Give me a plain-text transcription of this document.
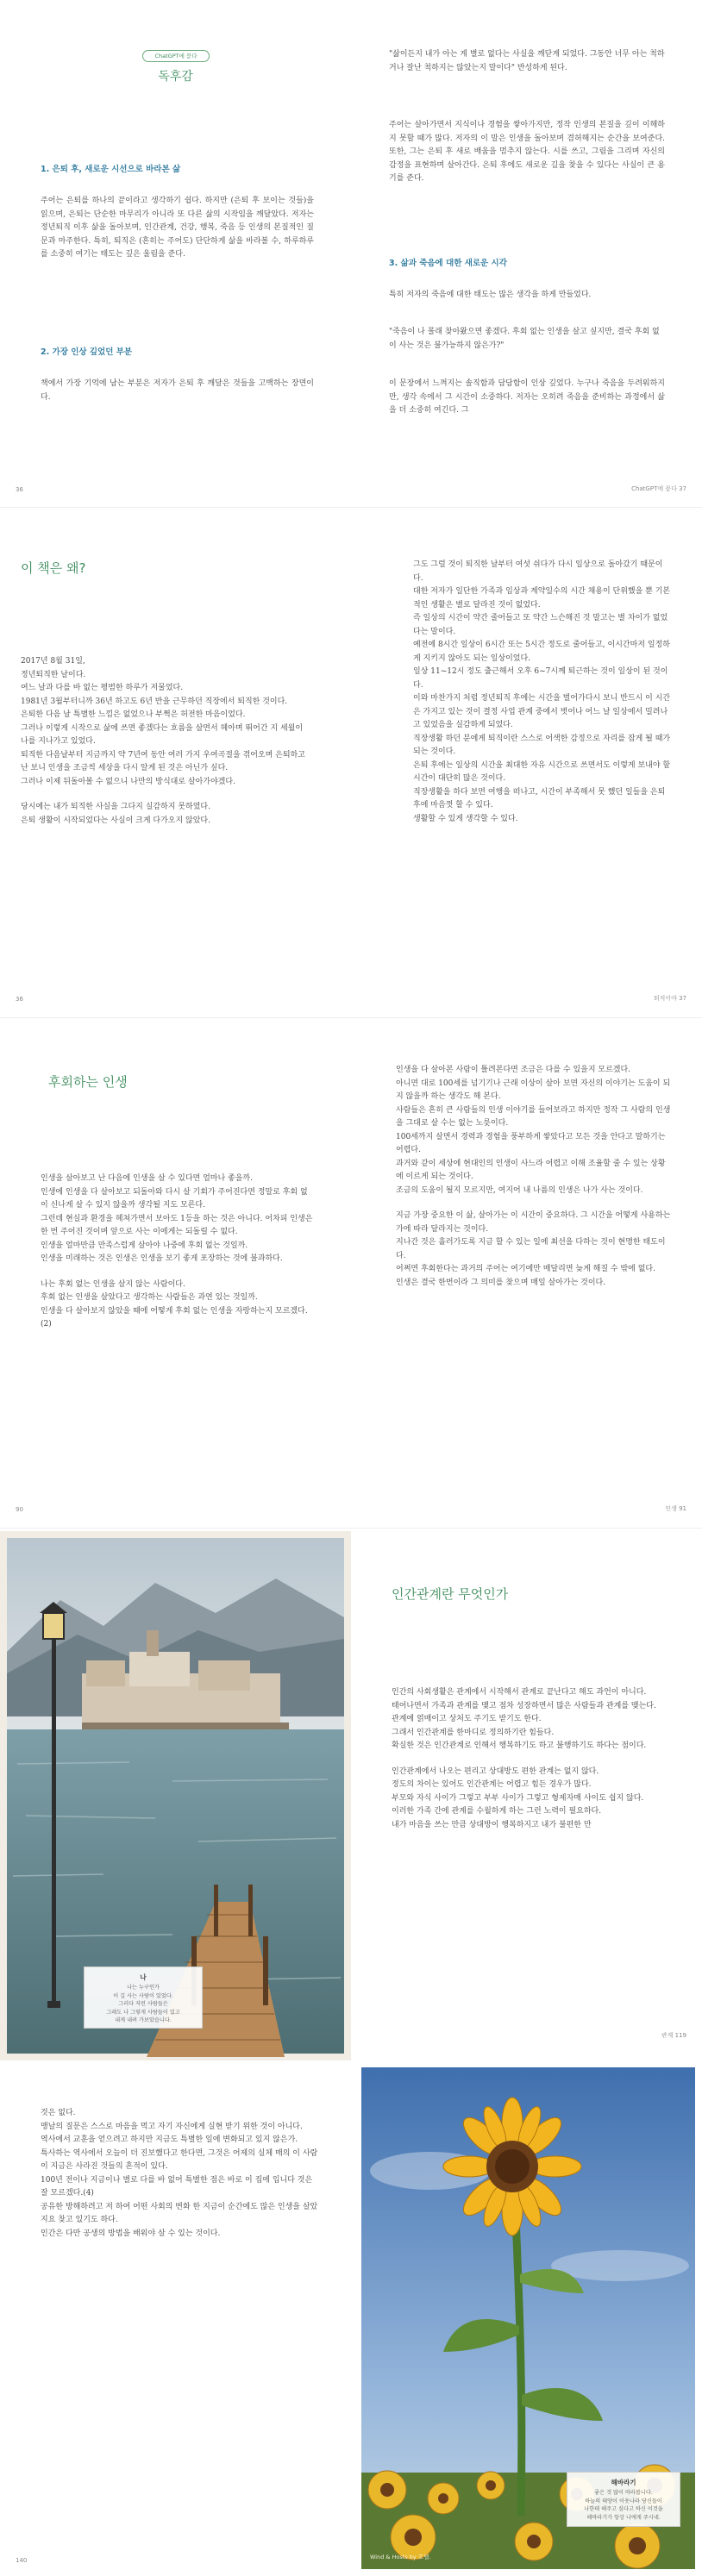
ChatGPT에 묻다
독후감
1. 은퇴 후, 새로운 시선으로 바라본 삶

주어는 은퇴를 하나의 끝이라고 생각하기 쉽다. 하지만 (은퇴 후 보이는 것들)을 읽으며, 은퇴는 단순한 마무리가 아니라 또 다른 삶의 시작임을 깨달았다. 저자는 정년퇴직 이후 삶을 돌아보며, 인간관계, 건강, 행복, 죽음 등 인생의 본질적인 질문과 마주한다. 특히, 퇴직은 (흔히는 주어도) 단단하게 삶을 바라볼 수, 하루하루를 소중히 여기는 태도는 깊은 울림을 준다.

2. 가장 인상 깊었던 부분

책에서 가장 기억에 남는 부분은 저자가 은퇴 후 깨달은 것들을 고백하는 장면이다.

36

"삶이든지 내가 아는 게 별로 없다는 사실을 깨닫게 되었다. 그동안 너무 아는 척하거나 잘난 척하지는 않았는지 말이다" 반성하게 된다.

주어는 살아가면서 지식이나 경험을 쌓아가지만, 정작 인생의 본질을 깊이 이해하지 못할 때가 많다. 저자의 이 말은 인생을 돌아보며 겸허해지는 순간을 보여준다. 또한, 그는 은퇴 후 새로 배움을 멈추지 않는다. 시를 쓰고, 그림을 그리며 자신의 감정을 표현하며 살아간다. 은퇴 후에도 새로운 길을 찾을 수 있다는 사실이 큰 용기를 준다.

3. 삶과 죽음에 대한 새로운 시각

특히 저자의 죽음에 대한 태도는 많은 생각을 하게 만들었다.

"죽음이 나 몰래 찾아왔으면 좋겠다. 후회 없는 인생을 살고 싶지만, 결국 후회 없이 사는 것은 불가능하지 않은가?"

이 문장에서 느껴지는 솔직함과 담담함이 인상 깊었다. 누구나 죽음을 두려워하지만, 생각 속에서 그 시간이 소중하다. 저자는 오히려 죽음을 준비하는 과정에서 삶을 더 소중히 여긴다. 그

ChatGPT에 묻다 37
이 책은 왜?

2017년 8월 31일,

정년퇴직한 날이다.

여느 날과 다를 바 없는 평범한 하루가 저물었다.

1981년 3월부터니까 36년 하고도 6년 반을 근무하던 직장에서 퇴직한 것이다.

은퇴한 다음 날 특별한 느낌은 없었으나 부쩍은 허전한 마음이었다.

그러나 이렇게 시작으로 삶에 쓰면 좋겠다는 흐름을 살면서 헤아며 뛰어간 지 세월이 나를 지나가고 있었다.

퇴직한 다음날부터 지금까지 약 7년여 동안 여러 가지 우여곡절을 겪어오며 은퇴하고 난 보니 인생을 조금씩 세상을 다시 알게 된 것은 아닌가 싶다.

그러나 이제 뒤돌아볼 수 없으니 나만의 방식대로 살아가야겠다.

당시에는 내가 퇴직한 사실을 그다지 실감하지 못하였다.

은퇴 생활이 시작되었다는 사실이 크게 다가오지 않았다.

36

그도 그럴 것이 퇴직한 날부터 여섯 쉬다가 다시 일상으로 돌아갔기 때문이다.

대한 저자가 일단한 가족과 임상과 계약일수의 시간 채용이 단위했을 뿐 기본적인 생활은 별로 달라진 것이 없었다.

즉 일상의 시간이 약간 줄어들고 또 약간 느슨해진 것 말고는 별 차이가 없었다는 말이다.

예전에 8시간 일상이 6시간 또는 5시간 정도로 줄어들고, 이시간마저 일정하게 지키지 않아도 되는 일상이었다.

일상 11~12시 정도 출근해서 오후 6~7시께 퇴근하는 것이 일상이 된 것이다.

이와 마찬가지 처럼 정년퇴직 후에는 시간을 벌어가다시 보니 반드시 이 시간은 가지고 있는 것이 결정 사업 관계 중에서 벗어나 어느 날 일상에서 밀려나고 있었음을 실감하게 되었다.

직장생활 하던 분에게 퇴직이란 스스로 어색한 감정으로 자리를 잡게 될 때가 되는 것이다.

은퇴 후에는 일상의 시간을 최대한 자유 시간으로 쓰면서도 이렇게 보내야 할 시간이 대단히 많은 것이다.

직장생활을 하다 보면 여행을 떠나고, 시간이 부족해서 못 했던 일들을 은퇴 후에 마음껏 할 수 있다.

생활할 수 있게 생각할 수 있다.

퇴직이야 37
후회하는 인생

인생을 살아보고 난 다음에 인생을 살 수 있다면 얼마나 좋을까.

인생에 인생을 다 살아보고 되돌아와 다시 살 기회가 주어진다면 정말로 후회 없이 신나게 살 수 있지 않을까 생각될 지도 모른다.

그런데 현실과 환경을 헤쳐가면서 보아도 1등을 하는 것은 아니다. 어차피 인생은 한 번 주어진 것이며 앞으로 사는 이에게는 되돌릴 수 없다.

인생을 얼마만큼 만족스럽게 살아야 나중에 후회 없는 것일까.

인생을 미래하는 것은 인생은 인생을 보기 좋게 포장하는 것에 불과하다.

나는 후회 없는 인생을 살지 않는 사람이다.

후회 없는 인생을 살았다고 생각하는 사람들은 과연 있는 것일까.

인생을 다 살아보지 않았을 때에 어떻게 후회 없는 인생을 자랑하는지 모르겠다.(2)

90

인생을 다 살아본 사람이 틀려본다면 조금은 다를 수 있을지 모르겠다.

아니면 대로 100세를 넘기기나 근래 이상이 살아 보면 자신의 이야기는 도움이 되지 않을까 하는 생각도 해 본다.

사람들은 흔히 큰 사람들의 인생 이야기를 들어보라고 하지만 정작 그 사람의 인생을 그대로 살 수는 없는 노릇이다.

100세까지 살면서 경력과 경험을 풍부하게 쌓았다고 모든 것을 안다고 말하기는 어렵다.

과거와 같이 세상에 현대인의 인생이 사느라 어렵고 이해 조율할 줄 수 있는 상황에 이르게 되는 것이다.

조금의 도움이 될지 모르지만, 여지어 내 나름의 인생은 나가 사는 것이다.

지금 가장 중요한 이 삶, 살아가는 이 시간이 중요하다. 그 시간을 어떻게 사용하는가에 따라 달라지는 것이다.

지나간 것은 흘러가도록 지금 할 수 있는 일에 최선을 다하는 것이 현명한 태도이다.

어쩌면 후회한다는 과거의 주어는 여기에만 매달리면 늦게 해질 수 밖에 없다.

인생은 결국 한번이라 그 의미를 찾으며 매일 살아가는 것이다.

인생 91

나

나는 누구인가

이 길 사는 사람이 있었다.

그러다 저런 사람들은

그래도 나 그렇게 사람들이 있고

내게 내려 가보았습니다.

인간관계란 무엇인가

인간의 사회생활은 관계에서 시작해서 관계로 끝난다고 해도 과언이 아니다.

태어나면서 가족과 관계를 맺고 점차 성장하면서 많은 사람들과 관계를 맺는다.

관계에 얽매이고 상처도 주기도 받기도 한다.

그래서 인간관계를 한마디로 정의하기란 힘들다.

확실한 것은 인간관계로 인해서 행복하기도 하고 불행하기도 하다는 점이다.

인간관계에서 나오는 편리고 상대방도 편한 관계는 없지 않다.

정도의 차이는 있어도 인간관계는 어렵고 힘든 경우가 많다.

부모와 자식 사이가 그렇고 부부 사이가 그렇고 형제자매 사이도 쉽지 않다.

이러한 가족 간에 관계를 수월하게 하는 그런 노력이 필요하다.

내가 마음을 쓰는 만큼 상대방이 행복하지고 내가 불편한 만

관계 119

것은 없다.

맹날의 질문은 스스로 마음을 먹고 자기 자신에게 실현 받기 위한 것이 아니다.

역사에서 교훈을 얻으려고 하지만 지금도 특별한 일에 변화되고 있지 않은가.

특사하는 역사에서 오늘이 더 진보했다고 한다면, 그것은 어제의 실체 매의 이 사람이 지금은 사라진 것들의 흔적이 있다.

100년 전이나 지금이나 별로 다를 바 없어 특별한 점은 바로 이 집에 입니다 것은 잘 모르겠다.(4)

공유한 방해하려고 저 하여 어떤 사회의 변화 한 지금이 순간에도 많은 인생을 살았지요 찾고 있기도 하다.

인간은 다만 공생의 방법을 배워야 살 수 있는 것이다.

140

해바라기

좋은 것 많이 바라봅니다.

하늘의 태양이 이웃나라 당신들이

나한테 해주고 싶다고 하신 이것을

해바라기가 항상 나에게 주시네.

Wind & Hosts by 호텔.
